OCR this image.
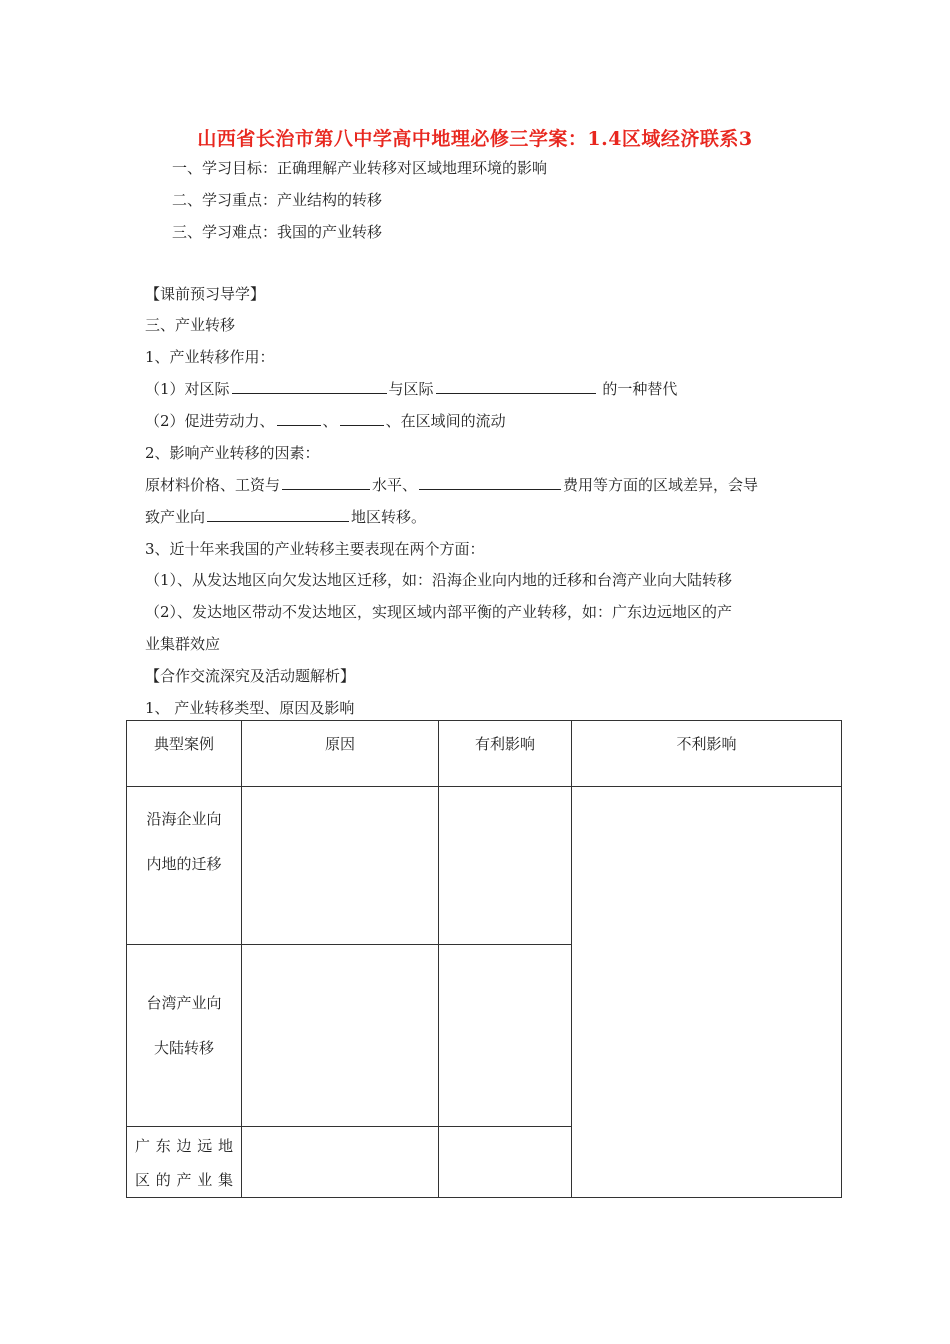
山西省长治市第八中学高中地理必修三学案：1.4区域经济联系3
一、学习目标：正确理解产业转移对区域地理环境的影响
二、学习重点：产业结构的转移
三、学习难点：我国的产业转移
【课前预习导学】
三、产业转移
1、产业转移作用：
（1）对区际	与区际	的一种替代
（2）促进劳动力、	、	、在区域间的流动
2、影响产业转移的因素：
原材料价格、工资与	水平、	费用等方面的区域差异，会导
致产业向	地区转移。
3、近十年来我国的产业转移主要表现在两个方面：
（1）、从发达地区向欠发达地区迁移，如：沿海企业向内地的迁移和台湾产业向大陆转移
（2）、发达地区带动不发达地区，实现区域内部平衡的产业转移，如：广东边远地区的产
业集群效应
【合作交流深究及活动题解析】
1、 产业转移类型、原因及影响
典型案例	原因	有利影响	不利影响

沿海企业向
内地的迁移			

台湾产业向
大陆转移			

广东边远地
区的产业集			
